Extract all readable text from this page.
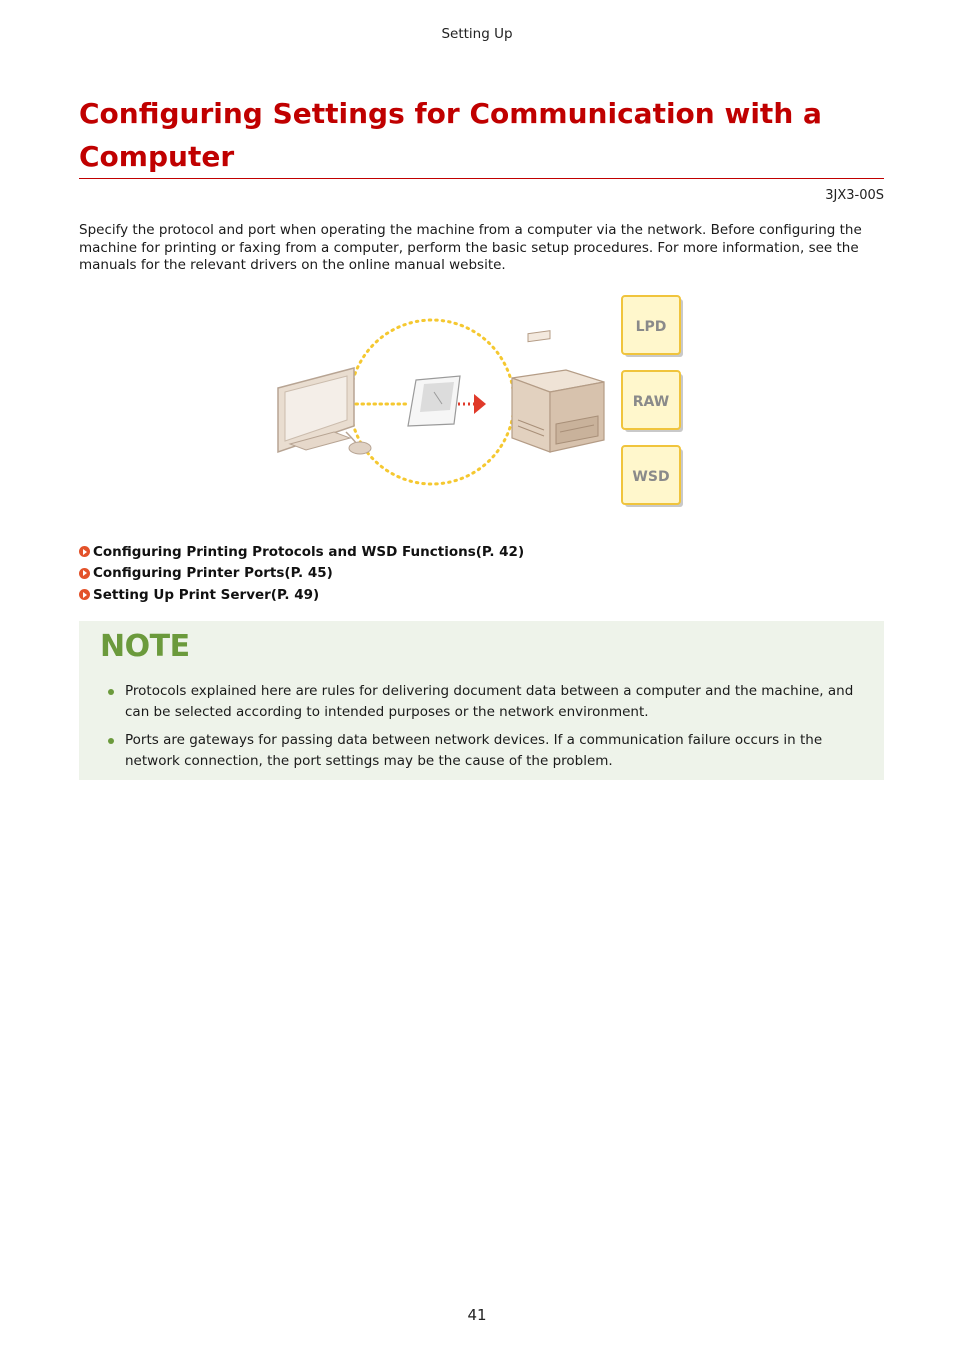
Setting Up
Configuring Settings for Communication with a Computer
3JX3-00S

Specify the protocol and port when operating the machine from a computer via the network. Before configuring the machine for printing or faxing from a computer, perform the basic setup procedures. For more information, see the manuals for the relevant drivers on the online manual website.

LPD
RAW
WSD
Configuring Printing Protocols and WSD Functions(P. 42)
Configuring Printer Ports(P. 45)
Setting Up Print Server(P. 49)
NOTE
Protocols explained here are rules for delivering document data between a computer and the machine, and can be selected according to intended purposes or the network environment.
Ports are gateways for passing data between network devices. If a communication failure occurs in the network connection, the port settings may be the cause of the problem.
41
